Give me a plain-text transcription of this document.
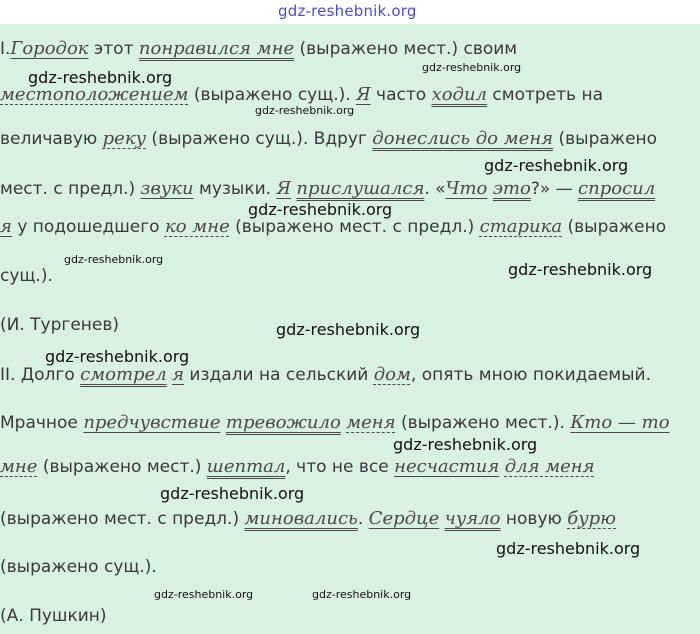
gdz-reshebnik.org
I.Городок этот понравился мне (выражено мест.) своим
местоположением (выражено сущ.). Я часто ходил смотреть на
величавую реку (выражено сущ.). Вдруг донеслись до меня (выражено
мест. с предл.) звуки музыки. Я прислушался. «Что это?» — спросил
я у подошедшего ко мне (выражено мест. с предл.) старика (выражено
сущ.).
(И. Тургенев)
II. Долго смотрел я издали на сельский дом, опять мною покидаемый.
Мрачное предчувствие тревожило меня (выражено мест.). Кто — то
мне (выражено мест.) шептал, что не все несчастия для меня
(выражено мест. с предл.) миновались. Сердце чуяло новую бурю
(выражено сущ.).
(А. Пушкин)
gdz-reshebnik.org
gdz-reshebnik.org
gdz-reshebnik.org
gdz-reshebnik.org
gdz-reshebnik.org
gdz-reshebnik.org
gdz-reshebnik.org
gdz-reshebnik.org
gdz-reshebnik.org
gdz-reshebnik.org
gdz-reshebnik.org
gdz-reshebnik.org
gdz-reshebnik.org	gdz-reshebnik.org
